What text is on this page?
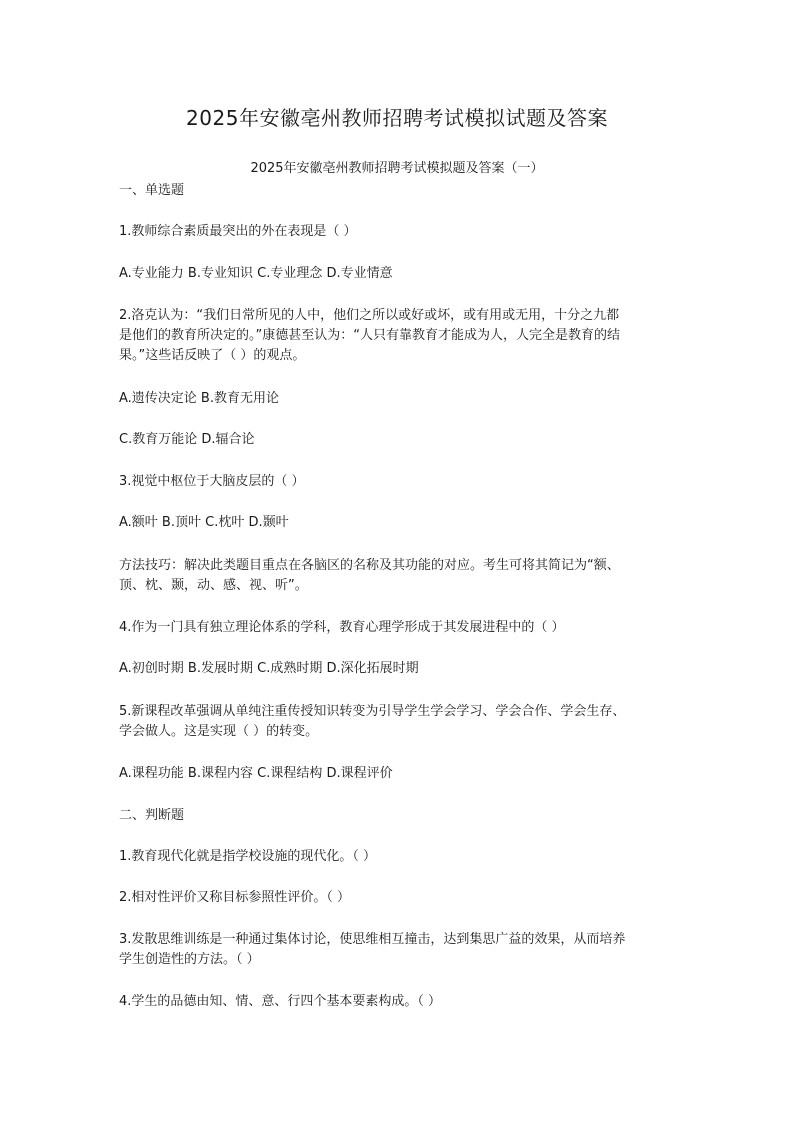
2025年安徽亳州教师招聘考试模拟试题及答案
2025年安徽亳州教师招聘考试模拟题及答案（一）
一、单选题
1.教师综合素质最突出的外在表现是（ ）
A.专业能力 B.专业知识 C.专业理念 D.专业情意
2.洛克认为：“我们日常所见的人中，他们之所以或好或坏，或有用或无用，十分之九都
是他们的教育所决定的。”康德甚至认为：“人只有靠教育才能成为人，人完全是教育的结
果。”这些话反映了（ ）的观点。
A.遗传决定论 B.教育无用论
C.教育万能论 D.辐合论
3.视觉中枢位于大脑皮层的（ ）
A.额叶 B.顶叶 C.枕叶 D.颞叶
方法技巧：解决此类题目重点在各脑区的名称及其功能的对应。考生可将其简记为“额、
顶、枕、颞，动、感、视、听”。
4.作为一门具有独立理论体系的学科，教育心理学形成于其发展进程中的（ ）
A.初创时期 B.发展时期 C.成熟时期 D.深化拓展时期
5.新课程改革强调从单纯注重传授知识转变为引导学生学会学习、学会合作、学会生存、
学会做人。这是实现（ ）的转变。
A.课程功能 B.课程内容 C.课程结构 D.课程评价
二、判断题
1.教育现代化就是指学校设施的现代化。（ ）
2.相对性评价又称目标参照性评价。（ ）
3.发散思维训练是一种通过集体讨论，使思维相互撞击，达到集思广益的效果，从而培养
学生创造性的方法。（ ）
4.学生的品德由知、情、意、行四个基本要素构成。（ ）
